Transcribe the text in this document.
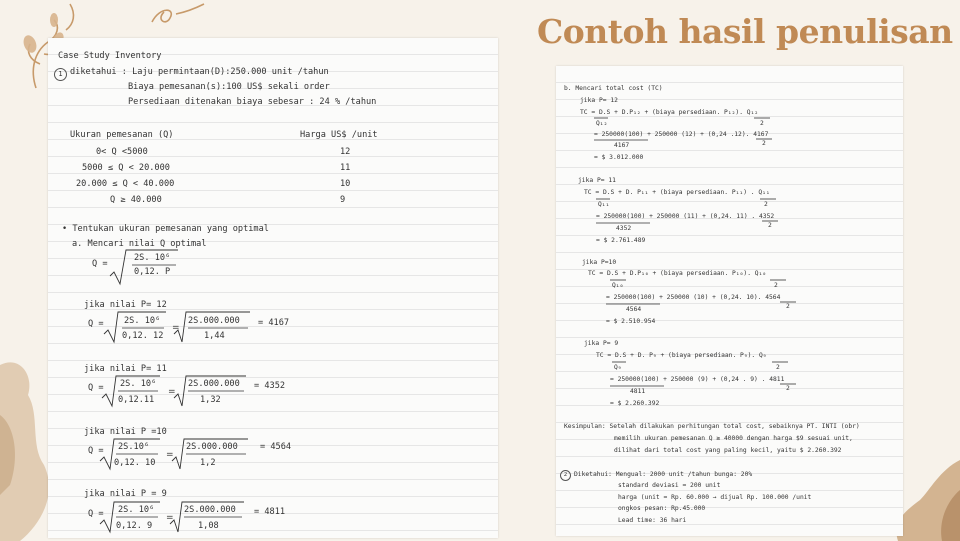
Contoh hasil penulisan
Case Study Inventory
1 diketahui : Laju permintaan(D):250.000 unit /tahun
Biaya pemesanan(s):100 US$ sekali order
Persediaan ditenakan biaya sebesar : 24 % /tahun
Ukuran pemesanan (Q)	Harga US$ /unit
0< Q <5000	12
5000 ≤ Q < 20.000	11
20.000 ≤ Q < 40.000	10
Q ≥ 40.000	9
• Tentukan ukuran pemesanan yang optimal
a. Mencari nilai Q optimal
Q =
2S. 10⁶
0,12. P
jika nilai P= 12
Q = 2S. 10⁶
0,12. 12
2S.000.000
1,44
= 4167
jika nilai P= 11
Q = 2S. 10⁶
0,12.11
2S.000.000
1,32
= 4352
jika nilai P =10
Q = 2S.10⁶
0,12. 10
2S.000.000
1,2
= 4564
jika nilai P = 9
Q = 2S. 10⁶
0,12. 9
2S.000.000
1,08
= 4811
=
=
=
=
b. Mencari total cost (TC)
jika P= 12
TC = D.S + D.P₁₂ + (biaya persediaan. P₁₂). Q₁₂
Q₁₂	2
= 250000(100) + 250000 (12) + (0,24 .12). 4167
4167	2
= $ 3.012.000
jika P= 11
TC = D.S + D. P₁₁ + (biaya persediaan. P₁₁) . Q₁₁
Q₁₁	2
= 250000(100) + 250000 (11) + (0,24. 11) . 4352
4352	2
= $ 2.761.489
jika P=10
TC = D.S + D.P₁₀ + (biaya persediaan. P₁₀). Q₁₀
Q₁₀	2
= 250000(100) + 250000 (10) + (0,24. 10). 4564
4564	2
= $ 2.510.954
jika P= 9
TC = D.S + D. P₉ + (biaya persediaan. P₉). Q₉
Q₉	2
= 250000(100) + 250000 (9) + (0,24 . 9) . 4811
4811	2
= $ 2.260.392
Kesimpulan: Setelah dilakukan perhitungan total cost, sebaiknya PT. INTI (obr)
memilih ukuran pemesanan Q ≥ 40000 dengan harga $9 sesuai unit,
dilihat dari total cost yang paling kecil, yaitu $ 2.260.392
2	Diketahui: Mengual: 2000 unit /tahun bunga: 20%
standard deviasi = 200 unit
harga (unit = Rp. 60.000 → dijual Rp. 100.000 /unit
ongkos pesan: Rp.45.000
Lead time: 36 hari
